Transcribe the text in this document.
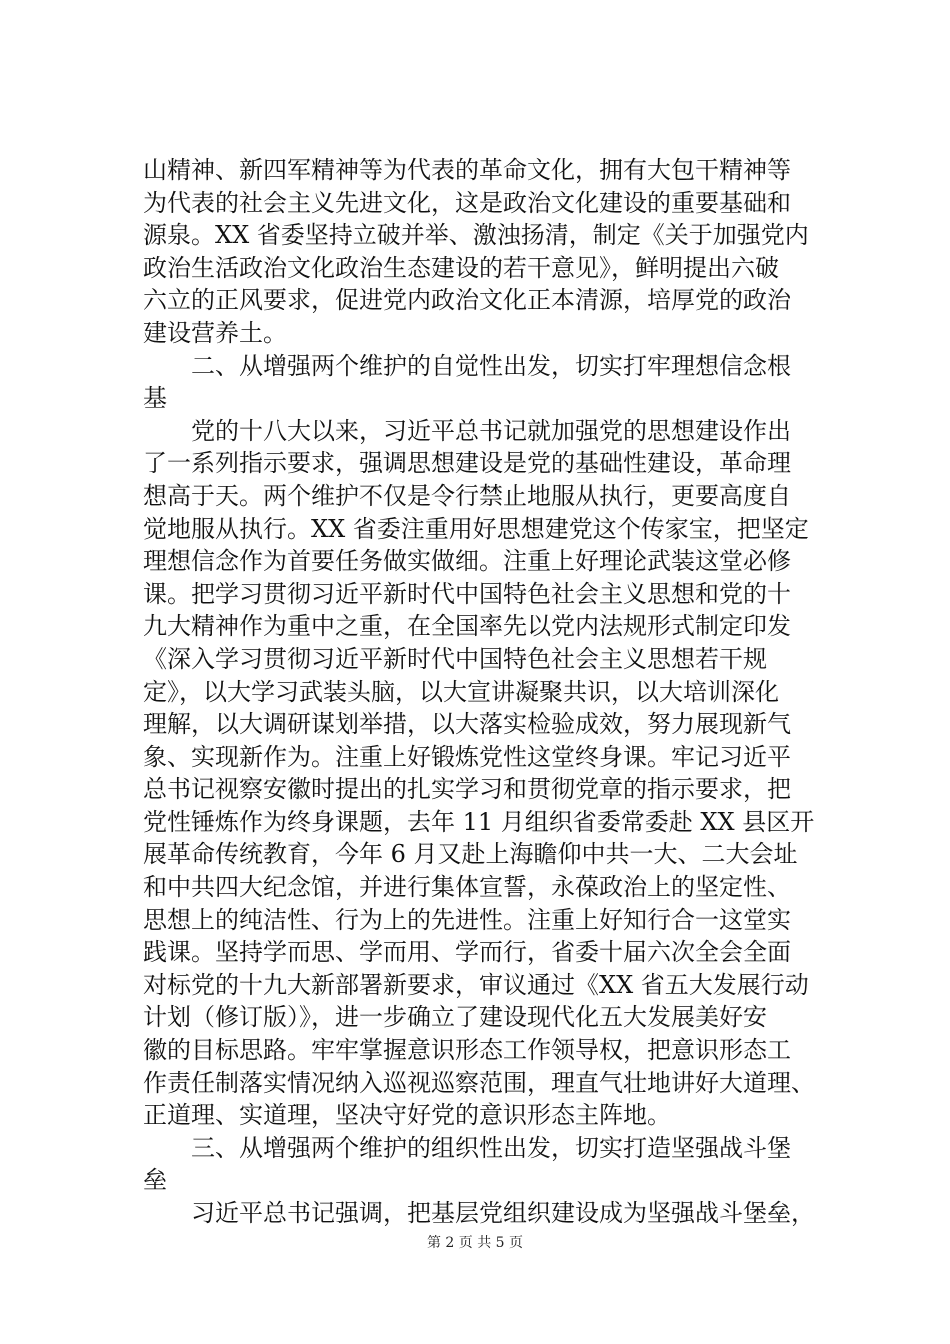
山精神、新四军精神等为代表的革命文化，拥有大包干精神等
为代表的社会主义先进文化，这是政治文化建设的重要基础和
源泉。XX 省委坚持立破并举、激浊扬清，制定《关于加强党内
政治生活政治文化政治生态建设的若干意见》，鲜明提出六破
六立的正风要求，促进党内政治文化正本清源，培厚党的政治
建设营养土。
　　二、从增强两个维护的自觉性出发，切实打牢理想信念根
基
　　党的十八大以来，习近平总书记就加强党的思想建设作出
了一系列指示要求，强调思想建设是党的基础性建设，革命理
想高于天。两个维护不仅是令行禁止地服从执行，更要高度自
觉地服从执行。XX 省委注重用好思想建党这个传家宝，把坚定
理想信念作为首要任务做实做细。注重上好理论武装这堂必修
课。把学习贯彻习近平新时代中国特色社会主义思想和党的十
九大精神作为重中之重，在全国率先以党内法规形式制定印发
《深入学习贯彻习近平新时代中国特色社会主义思想若干规
定》，以大学习武装头脑，以大宣讲凝聚共识，以大培训深化
理解，以大调研谋划举措，以大落实检验成效，努力展现新气
象、实现新作为。注重上好锻炼党性这堂终身课。牢记习近平
总书记视察安徽时提出的扎实学习和贯彻党章的指示要求，把
党性锤炼作为终身课题，去年 11 月组织省委常委赴 XX 县区开
展革命传统教育，今年 6 月又赴上海瞻仰中共一大、二大会址
和中共四大纪念馆，并进行集体宣誓，永葆政治上的坚定性、
思想上的纯洁性、行为上的先进性。注重上好知行合一这堂实
践课。坚持学而思、学而用、学而行，省委十届六次全会全面
对标党的十九大新部署新要求，审议通过《XX 省五大发展行动
计划（修订版）》，进一步确立了建设现代化五大发展美好安
徽的目标思路。牢牢掌握意识形态工作领导权，把意识形态工
作责任制落实情况纳入巡视巡察范围，理直气壮地讲好大道理、
正道理、实道理，坚决守好党的意识形态主阵地。
　　三、从增强两个维护的组织性出发，切实打造坚强战斗堡
垒
　　习近平总书记强调，把基层党组织建设成为坚强战斗堡垒，
第 2 页 共 5 页
